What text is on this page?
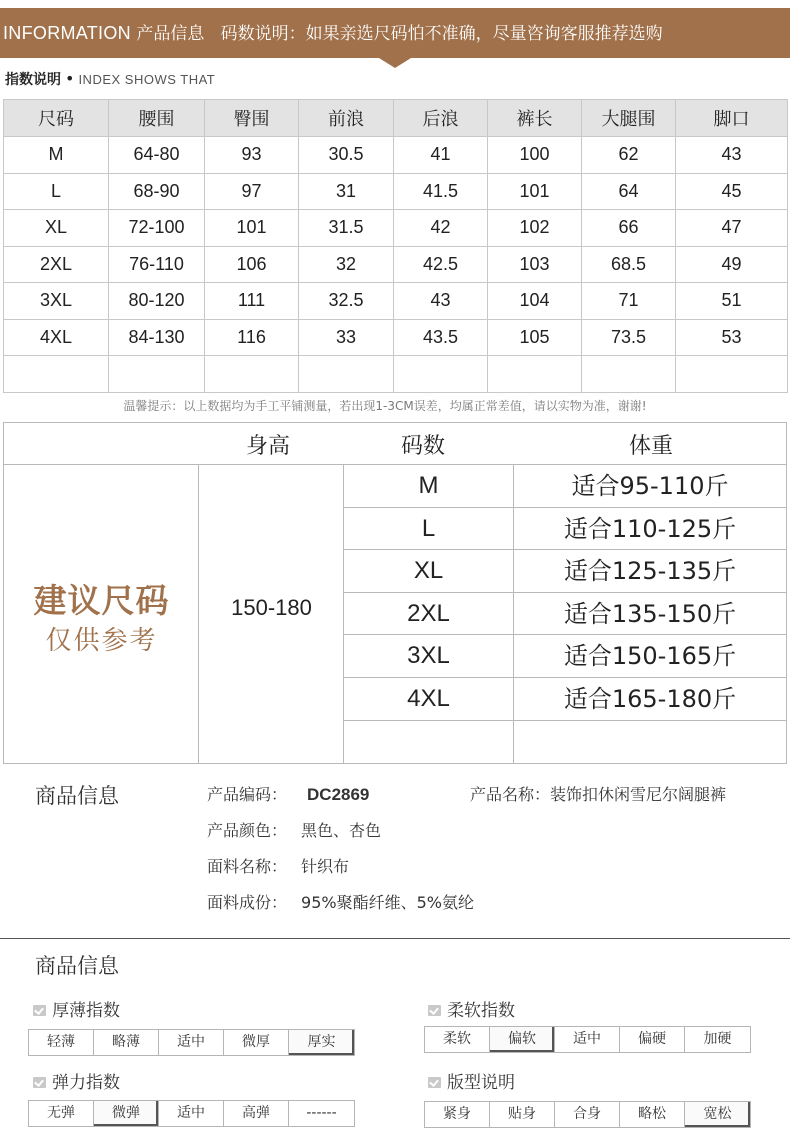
INFORMATION 产品信息 码数说明：如果亲选尺码怕不准确，尽量咨询客服推荐选购
指数说明 • INDEX SHOWS THAT
尺码	腰围	臀围	前浪	后浪	裤长	大腿围	脚口
M	64-80	93	30.5	41	100	62	43
L	68-90	97	31	41.5	101	64	45
XL	72-100	101	31.5	42	102	66	47
2XL	76-110	106	32	42.5	103	68.5	49
3XL	80-120	111	32.5	43	104	71	51
4XL	84-130	116	33	43.5	105	73.5	53

温馨提示：以上数据均为手工平铺测量，若出现1-3CM误差，均属正常差值，请以实物为准，谢谢!
身高	码数	体重
建议尺码
仅供参考
150-180
M	适合95-110斤
L	适合110-125斤
XL	适合125-135斤
2XL	适合135-150斤
3XL	适合150-165斤
4XL	适合165-180斤
商品信息	产品编码： DC2869	产品名称：装饰扣休闲雪尼尔阔腿裤
产品颜色： 黑色、杏色
面料名称： 针织布
面料成份： 95%聚酯纤维、5%氨纶
商品信息
厚薄指数
轻薄	略薄	适中	微厚	厚实
柔软指数
柔软	偏软	适中	偏硬	加硬
弹力指数
无弹	微弹	适中	高弹	------
版型说明
紧身	贴身	合身	略松	宽松
